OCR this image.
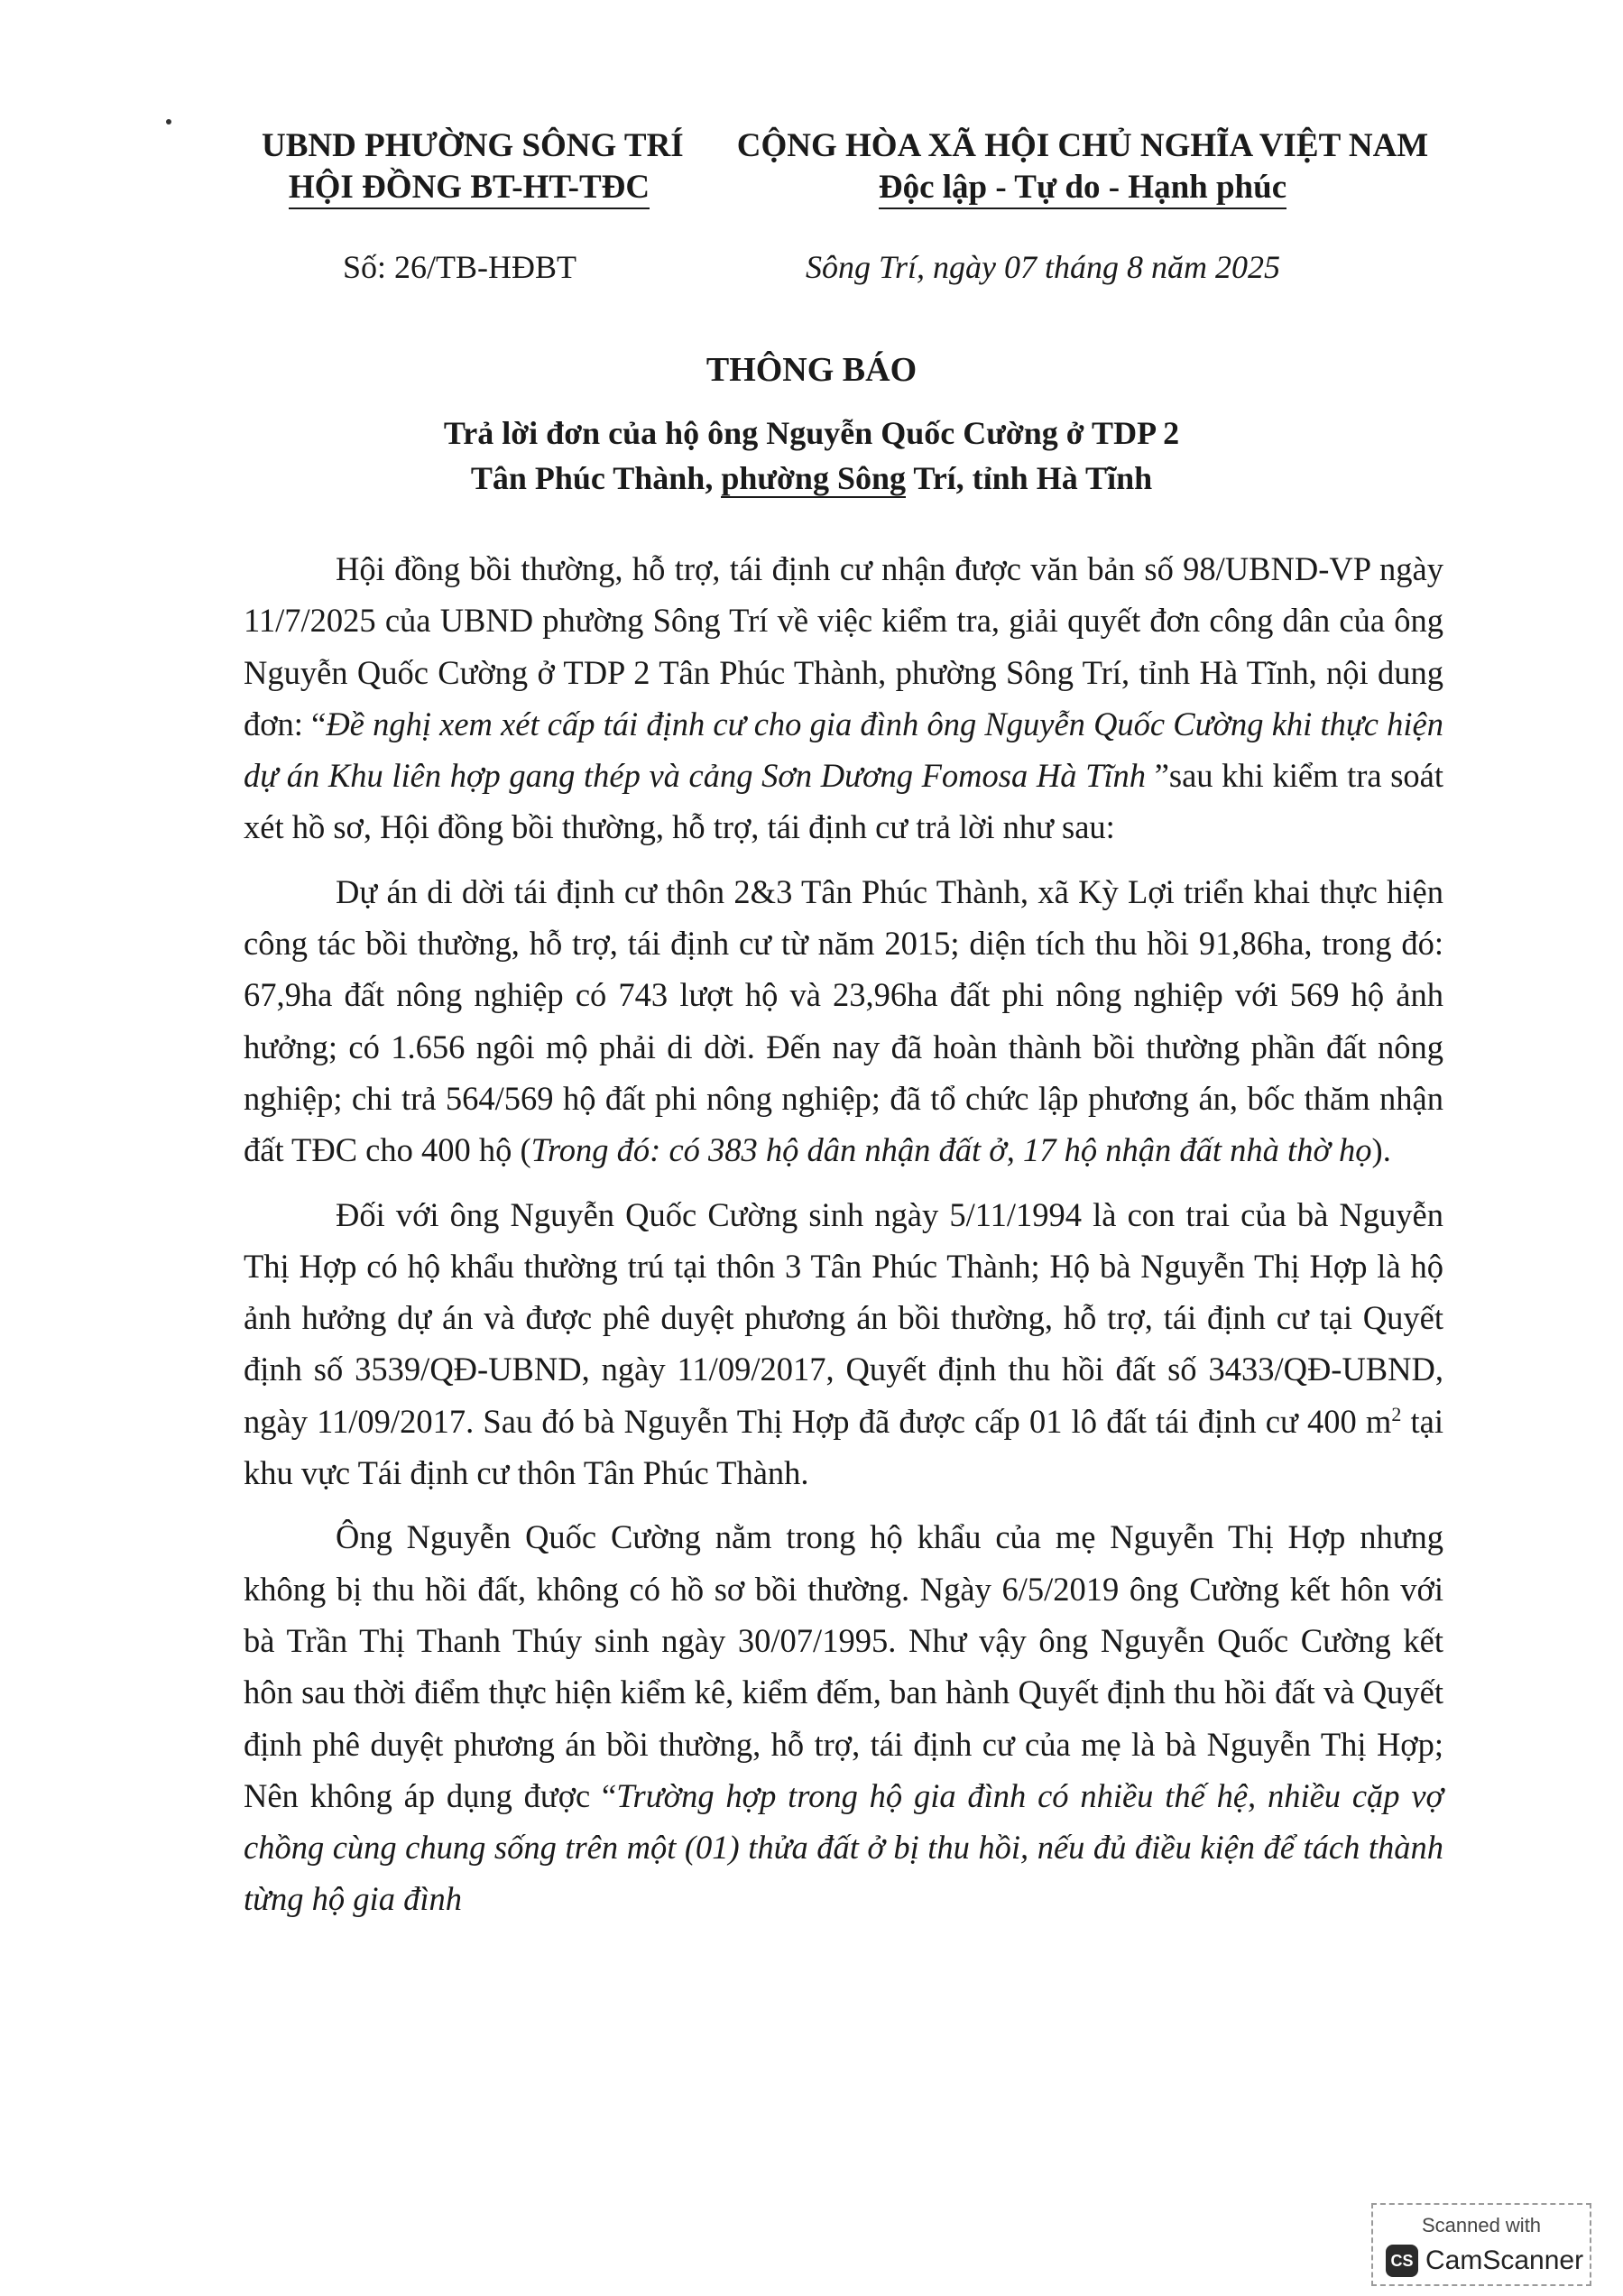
UBND PHƯỜNG SÔNG TRÍ
HỘI ĐỒNG BT-HT-TĐC
CỘNG HÒA XÃ HỘI CHỦ NGHĨA VIỆT NAM
Độc lập - Tự do - Hạnh phúc
Số: 26/TB-HĐBT	Sông Trí, ngày 07 tháng 8 năm 2025
THÔNG BÁO
Trả lời đơn của hộ ông Nguyễn Quốc Cường ở TDP 2
Tân Phúc Thành, phường Sông Trí, tỉnh Hà Tĩnh

Hội đồng bồi thường, hỗ trợ, tái định cư nhận được văn bản số 98/UBND-VP ngày 11/7/2025 của UBND phường Sông Trí về việc kiểm tra, giải quyết đơn công dân của ông Nguyễn Quốc Cường ở TDP 2 Tân Phúc Thành, phường Sông Trí, tỉnh Hà Tĩnh, nội dung đơn: “Đề nghị xem xét cấp tái định cư cho gia đình ông Nguyễn Quốc Cường khi thực hiện dự án Khu liên hợp gang thép và cảng Sơn Dương Fomosa Hà Tĩnh ”sau khi kiểm tra soát xét hồ sơ, Hội đồng bồi thường, hỗ trợ, tái định cư trả lời như sau:

Dự án di dời tái định cư thôn 2&3 Tân Phúc Thành, xã Kỳ Lợi triển khai thực hiện công tác bồi thường, hỗ trợ, tái định cư từ năm 2015; diện tích thu hồi 91,86ha, trong đó: 67,9ha đất nông nghiệp có 743 lượt hộ và 23,96ha đất phi nông nghiệp với 569 hộ ảnh hưởng; có 1.656 ngôi mộ phải di dời. Đến nay đã hoàn thành bồi thường phần đất nông nghiệp; chi trả 564/569 hộ đất phi nông nghiệp; đã tổ chức lập phương án, bốc thăm nhận đất TĐC cho 400 hộ (Trong đó: có 383 hộ dân nhận đất ở, 17 hộ nhận đất nhà thờ họ).

Đối với ông Nguyễn Quốc Cường sinh ngày 5/11/1994 là con trai của bà Nguyễn Thị Hợp có hộ khẩu thường trú tại thôn 3 Tân Phúc Thành; Hộ bà Nguyễn Thị Hợp là hộ ảnh hưởng dự án và được phê duyệt phương án bồi thường, hỗ trợ, tái định cư tại Quyết định số 3539/QĐ-UBND, ngày 11/09/2017, Quyết định thu hồi đất số 3433/QĐ-UBND, ngày 11/09/2017. Sau đó bà Nguyễn Thị Hợp đã được cấp 01 lô đất tái định cư 400 $m^2$ tại khu vực Tái định cư thôn Tân Phúc Thành.

Ông Nguyễn Quốc Cường nằm trong hộ khẩu của mẹ Nguyễn Thị Hợp nhưng không bị thu hồi đất, không có hồ sơ bồi thường. Ngày 6/5/2019 ông Cường kết hôn với bà Trần Thị Thanh Thúy sinh ngày 30/07/1995. Như vậy ông Nguyễn Quốc Cường kết hôn sau thời điểm thực hiện kiểm kê, kiểm đếm, ban hành Quyết định thu hồi đất và Quyết định phê duyệt phương án bồi thường, hỗ trợ, tái định cư của mẹ là bà Nguyễn Thị Hợp; Nên không áp dụng được “Trường hợp trong hộ gia đình có nhiều thế hệ, nhiều cặp vợ chồng cùng chung sống trên một (01) thửa đất ở bị thu hồi, nếu đủ điều kiện để tách thành từng hộ gia đình

Scanned with
CS CamScanner
